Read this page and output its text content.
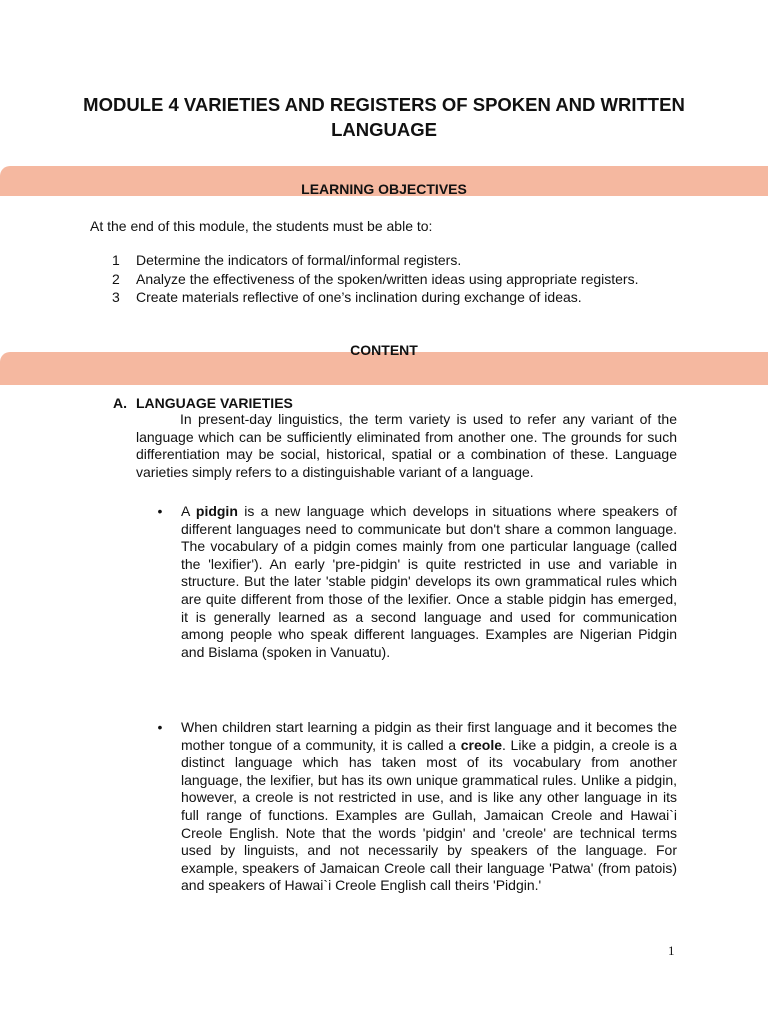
MODULE 4 VARIETIES AND REGISTERS OF SPOKEN AND WRITTEN LANGUAGE
LEARNING OBJECTIVES
At the end of this module, the students must be able to:
1 Determine the indicators of formal/informal registers.
2 Analyze the effectiveness of the spoken/written ideas using appropriate registers.
3 Create materials reflective of one’s inclination during exchange of ideas.
CONTENT
A. LANGUAGE VARIETIES
In present-day linguistics, the term variety is used to refer any variant of the language which can be sufficiently eliminated from another one. The grounds for such differentiation may be social, historical, spatial or a combination of these. Language varieties simply refers to a distinguishable variant of a language.
• A pidgin is a new language which develops in situations where speakers of different languages need to communicate but don't share a common language. The vocabulary of a pidgin comes mainly from one particular language (called the 'lexifier'). An early 'pre-pidgin' is quite restricted in use and variable in structure. But the later 'stable pidgin' develops its own grammatical rules which are quite different from those of the lexifier. Once a stable pidgin has emerged, it is generally learned as a second language and used for communication among people who speak different languages. Examples are Nigerian Pidgin and Bislama (spoken in Vanuatu).
• When children start learning a pidgin as their first language and it becomes the mother tongue of a community, it is called a creole. Like a pidgin, a creole is a distinct language which has taken most of its vocabulary from another language, the lexifier, but has its own unique grammatical rules. Unlike a pidgin, however, a creole is not restricted in use, and is like any other language in its full range of functions. Examples are Gullah, Jamaican Creole and Hawai`i Creole English. Note that the words 'pidgin' and 'creole' are technical terms used by linguists, and not necessarily by speakers of the language. For example, speakers of Jamaican Creole call their language 'Patwa' (from patois) and speakers of Hawai`i Creole English call theirs 'Pidgin.'
1
